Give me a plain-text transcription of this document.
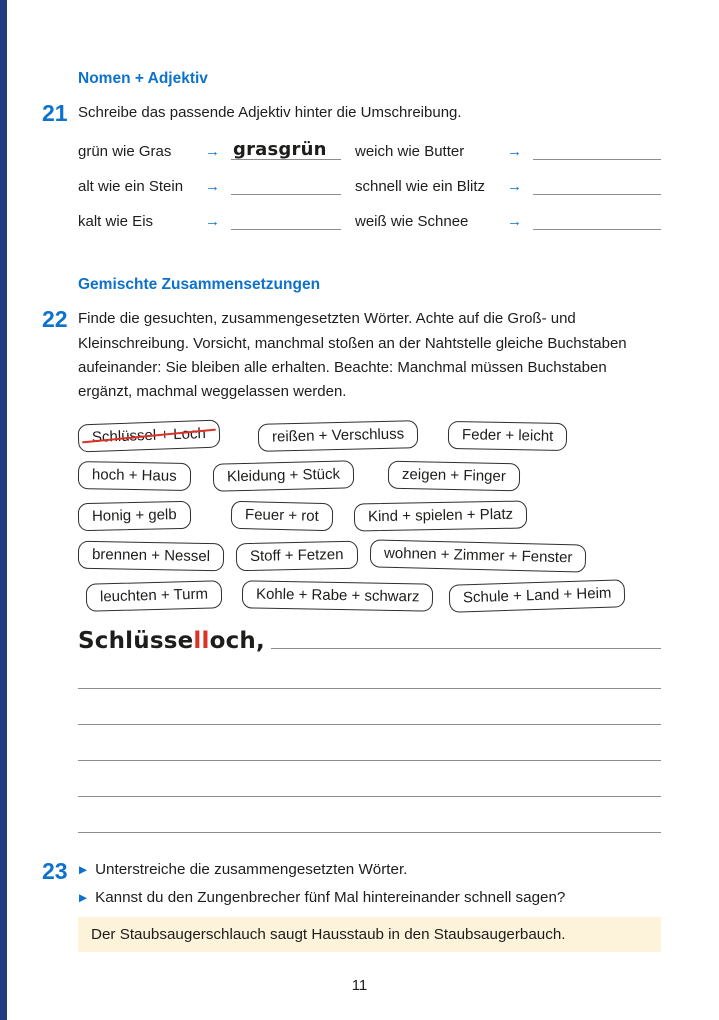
Nomen + Adjektiv
21 Schreibe das passende Adjektiv hinter die Umschreibung.

grün wie Gras	→ grasgrün weich wie Butter	→
alt wie ein Stein	→	schnell wie ein Blitz	→
kalt wie Eis	→	weiß wie Schnee	→
Gemischte Zusammensetzungen
22 Finde die gesuchten, zusammengesetzten Wörter. Achte auf die Groß- und Kleinschreibung. Vorsicht, manchmal stoßen an der Nahtstelle gleiche Buchstaben aufeinander: Sie bleiben alle erhalten. Beachte: Manchmal müssen Buchstaben ergänzt, machmal weggelassen werden.

Schlüssel + Loch	reißen + Verschluss	Feder + leicht
hoch + Haus	Kleidung + Stück	zeigen + Finger
Honig + gelb	Feuer + rot	Kind + spielen + Platz
brennen + Nessel	Stoff + Fetzen	wohnen + Zimmer + Fenster
leuchten + Turm	Kohle + Rabe + schwarz	Schule + Land + Heim
Schlüsselloch,
23	▶ Unterstreiche die zusammengesetzten Wörter.
▶ Kannst du den Zungenbrecher fünf Mal hintereinander schnell sagen?
Der Staubsaugerschlauch saugt Hausstaub in den Staubsaugerbauch.
11
